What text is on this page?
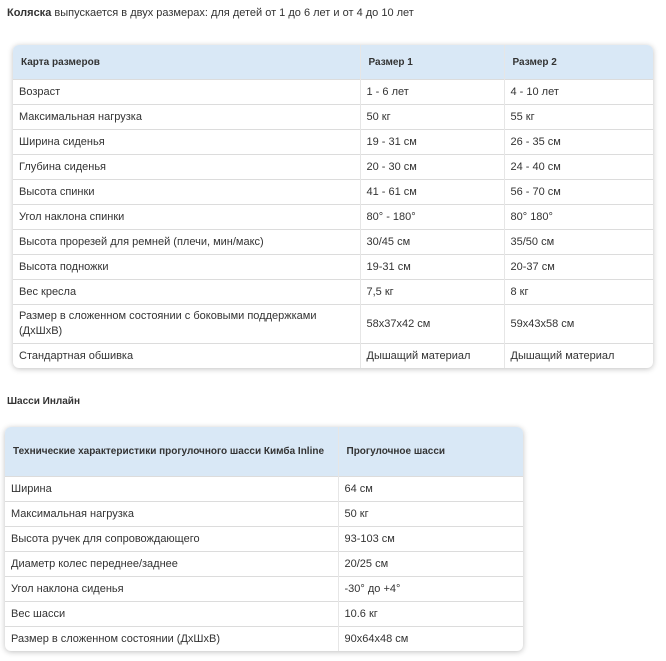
Коляска выпускается в двух размерах: для детей от 1 до 6 лет и от 4 до 10 лет
Карта размеров	Размер 1	Размер 2
Возраст	1 - 6 лет	4 - 10 лет
Максимальная нагрузка	50 кг	55 кг
Ширина сиденья	19 - 31 см	26 - 35 см
Глубина сиденья	20 - 30 см	24 - 40 см
Высота спинки	41 - 61 см	56 - 70 см
Угол наклона спинки	80° - 180°	80° 180°
Высота прорезей для ремней (плечи, мин/макс)	30/45 см	35/50 см
Высота подножки	19-31 см	20-37 см
Вес кресла	7,5 кг	8 кг
Размер в сложенном состоянии с боковыми поддержками (ДхШхВ)	58х37х42 см	59х43х58 см
Стандартная обшивка	Дышащий материал	Дышащий материал
Шасси Инлайн
Технические характеристики прогулочного шасси Кимба Inline	Прогулочное шасси
Ширина	64 см
Максимальная нагрузка	50 кг
Высота ручек для сопровождающего	93-103 см
Диаметр колес переднее/заднее	20/25 см
Угол наклона сиденья	-30° до +4°
Вес шасси	10.6 кг
Размер в сложенном состоянии (ДхШхВ)	90х64х48 см
